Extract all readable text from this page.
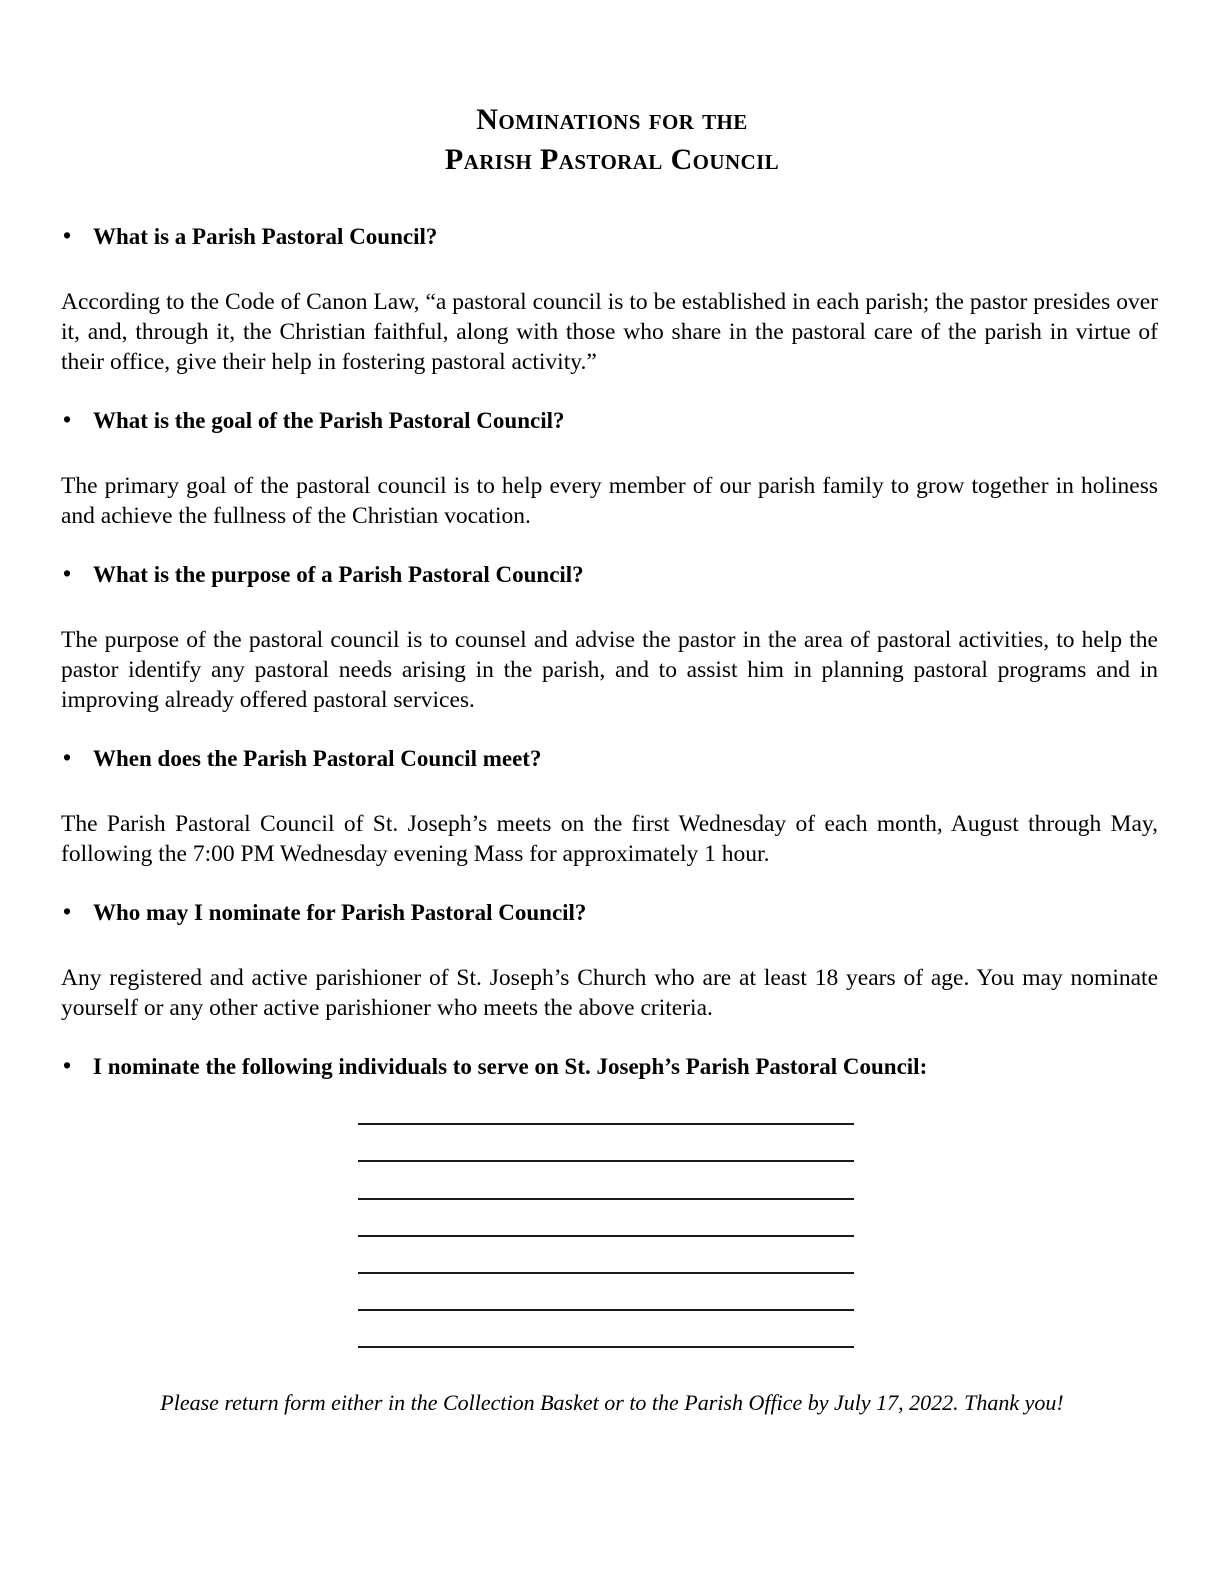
Nominations for the
Parish Pastoral Council
• What is a Parish Pastoral Council?

According to the Code of Canon Law, “a pastoral council is to be established in each parish; the pastor presides over it, and, through it, the Christian faithful, along with those who share in the pastoral care of the parish in virtue of their office, give their help in fostering pastoral activity.”

• What is the goal of the Parish Pastoral Council?

The primary goal of the pastoral council is to help every member of our parish family to grow together in holiness and achieve the fullness of the Christian vocation.

• What is the purpose of a Parish Pastoral Council?

The purpose of the pastoral council is to counsel and advise the pastor in the area of pastoral activities, to help the pastor identify any pastoral needs arising in the parish, and to assist him in planning pastoral programs and in improving already offered pastoral services.

• When does the Parish Pastoral Council meet?

The Parish Pastoral Council of St. Joseph’s meets on the first Wednesday of each month, August through May, following the 7:00 PM Wednesday evening Mass for approximately 1 hour.

• Who may I nominate for Parish Pastoral Council?

Any registered and active parishioner of St. Joseph’s Church who are at least 18 years of age. You may nominate yourself or any other active parishioner who meets the above criteria.

• I nominate the following individuals to serve on St. Joseph’s Parish Pastoral Council:
Please return form either in the Collection Basket or to the Parish Office by July 17, 2022. Thank you!
